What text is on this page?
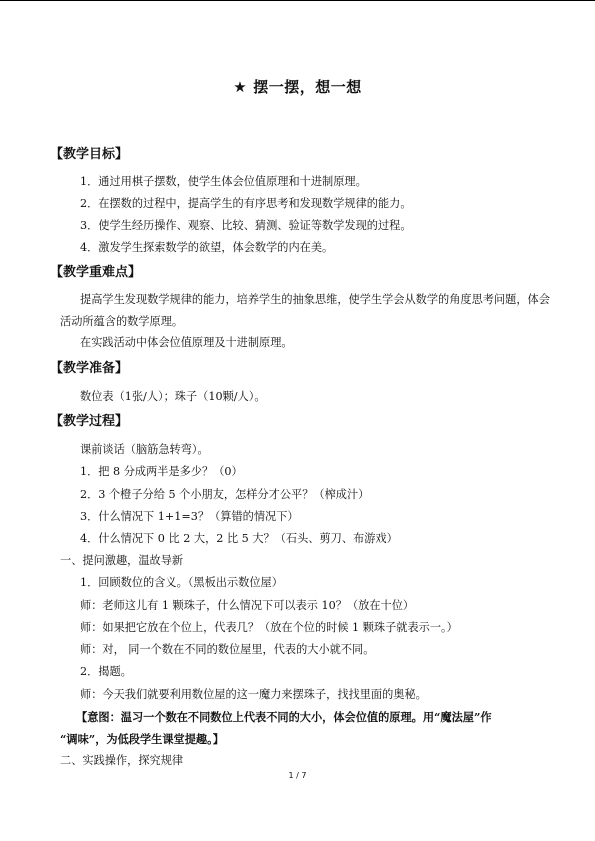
★ 摆一摆，想一想
【教学目标】
1．通过用棋子摆数，使学生体会位值原理和十进制原理。
2．在摆数的过程中，提高学生的有序思考和发现数学规律的能力。
3．使学生经历操作、观察、比较、猜测、验证等数学发现的过程。
4．激发学生探索数学的欲望，体会数学的内在美。
【教学重难点】
提高学生发现数学规律的能力，培养学生的抽象思维，使学生学会从数学的角度思考问题，体会活动所蕴含的数学原理。
在实践活动中体会位值原理及十进制原理。
【教学准备】
数位表（1张/人）；珠子（10颗/人）。
【教学过程】
课前谈话（脑筋急转弯）。
1．把 8 分成两半是多少？（0）
2．3 个橙子分给 5 个小朋友，怎样分才公平？（榨成汁）
3．什么情况下 1+1=3？（算错的情况下）
4．什么情况下 0 比 2 大，2 比 5 大？（石头、剪刀、布游戏）
一、提问激趣，温故导新
1．回顾数位的含义。（黑板出示数位屋）
师：老师这儿有 1 颗珠子，什么情况下可以表示 10？（放在十位）
师：如果把它放在个位上，代表几？（放在个位的时候 1 颗珠子就表示一。）
师：对， 同一个数在不同的数位屋里，代表的大小就不同。
2．揭题。
师：今天我们就要利用数位屋的这一魔力来摆珠子，找找里面的奥秘。
【意图：温习一个数在不同数位上代表不同的大小，体会位值的原理。用“魔法屋”作
“调味”，为低段学生课堂提趣。】
二、实践操作，探究规律
1 / 7
